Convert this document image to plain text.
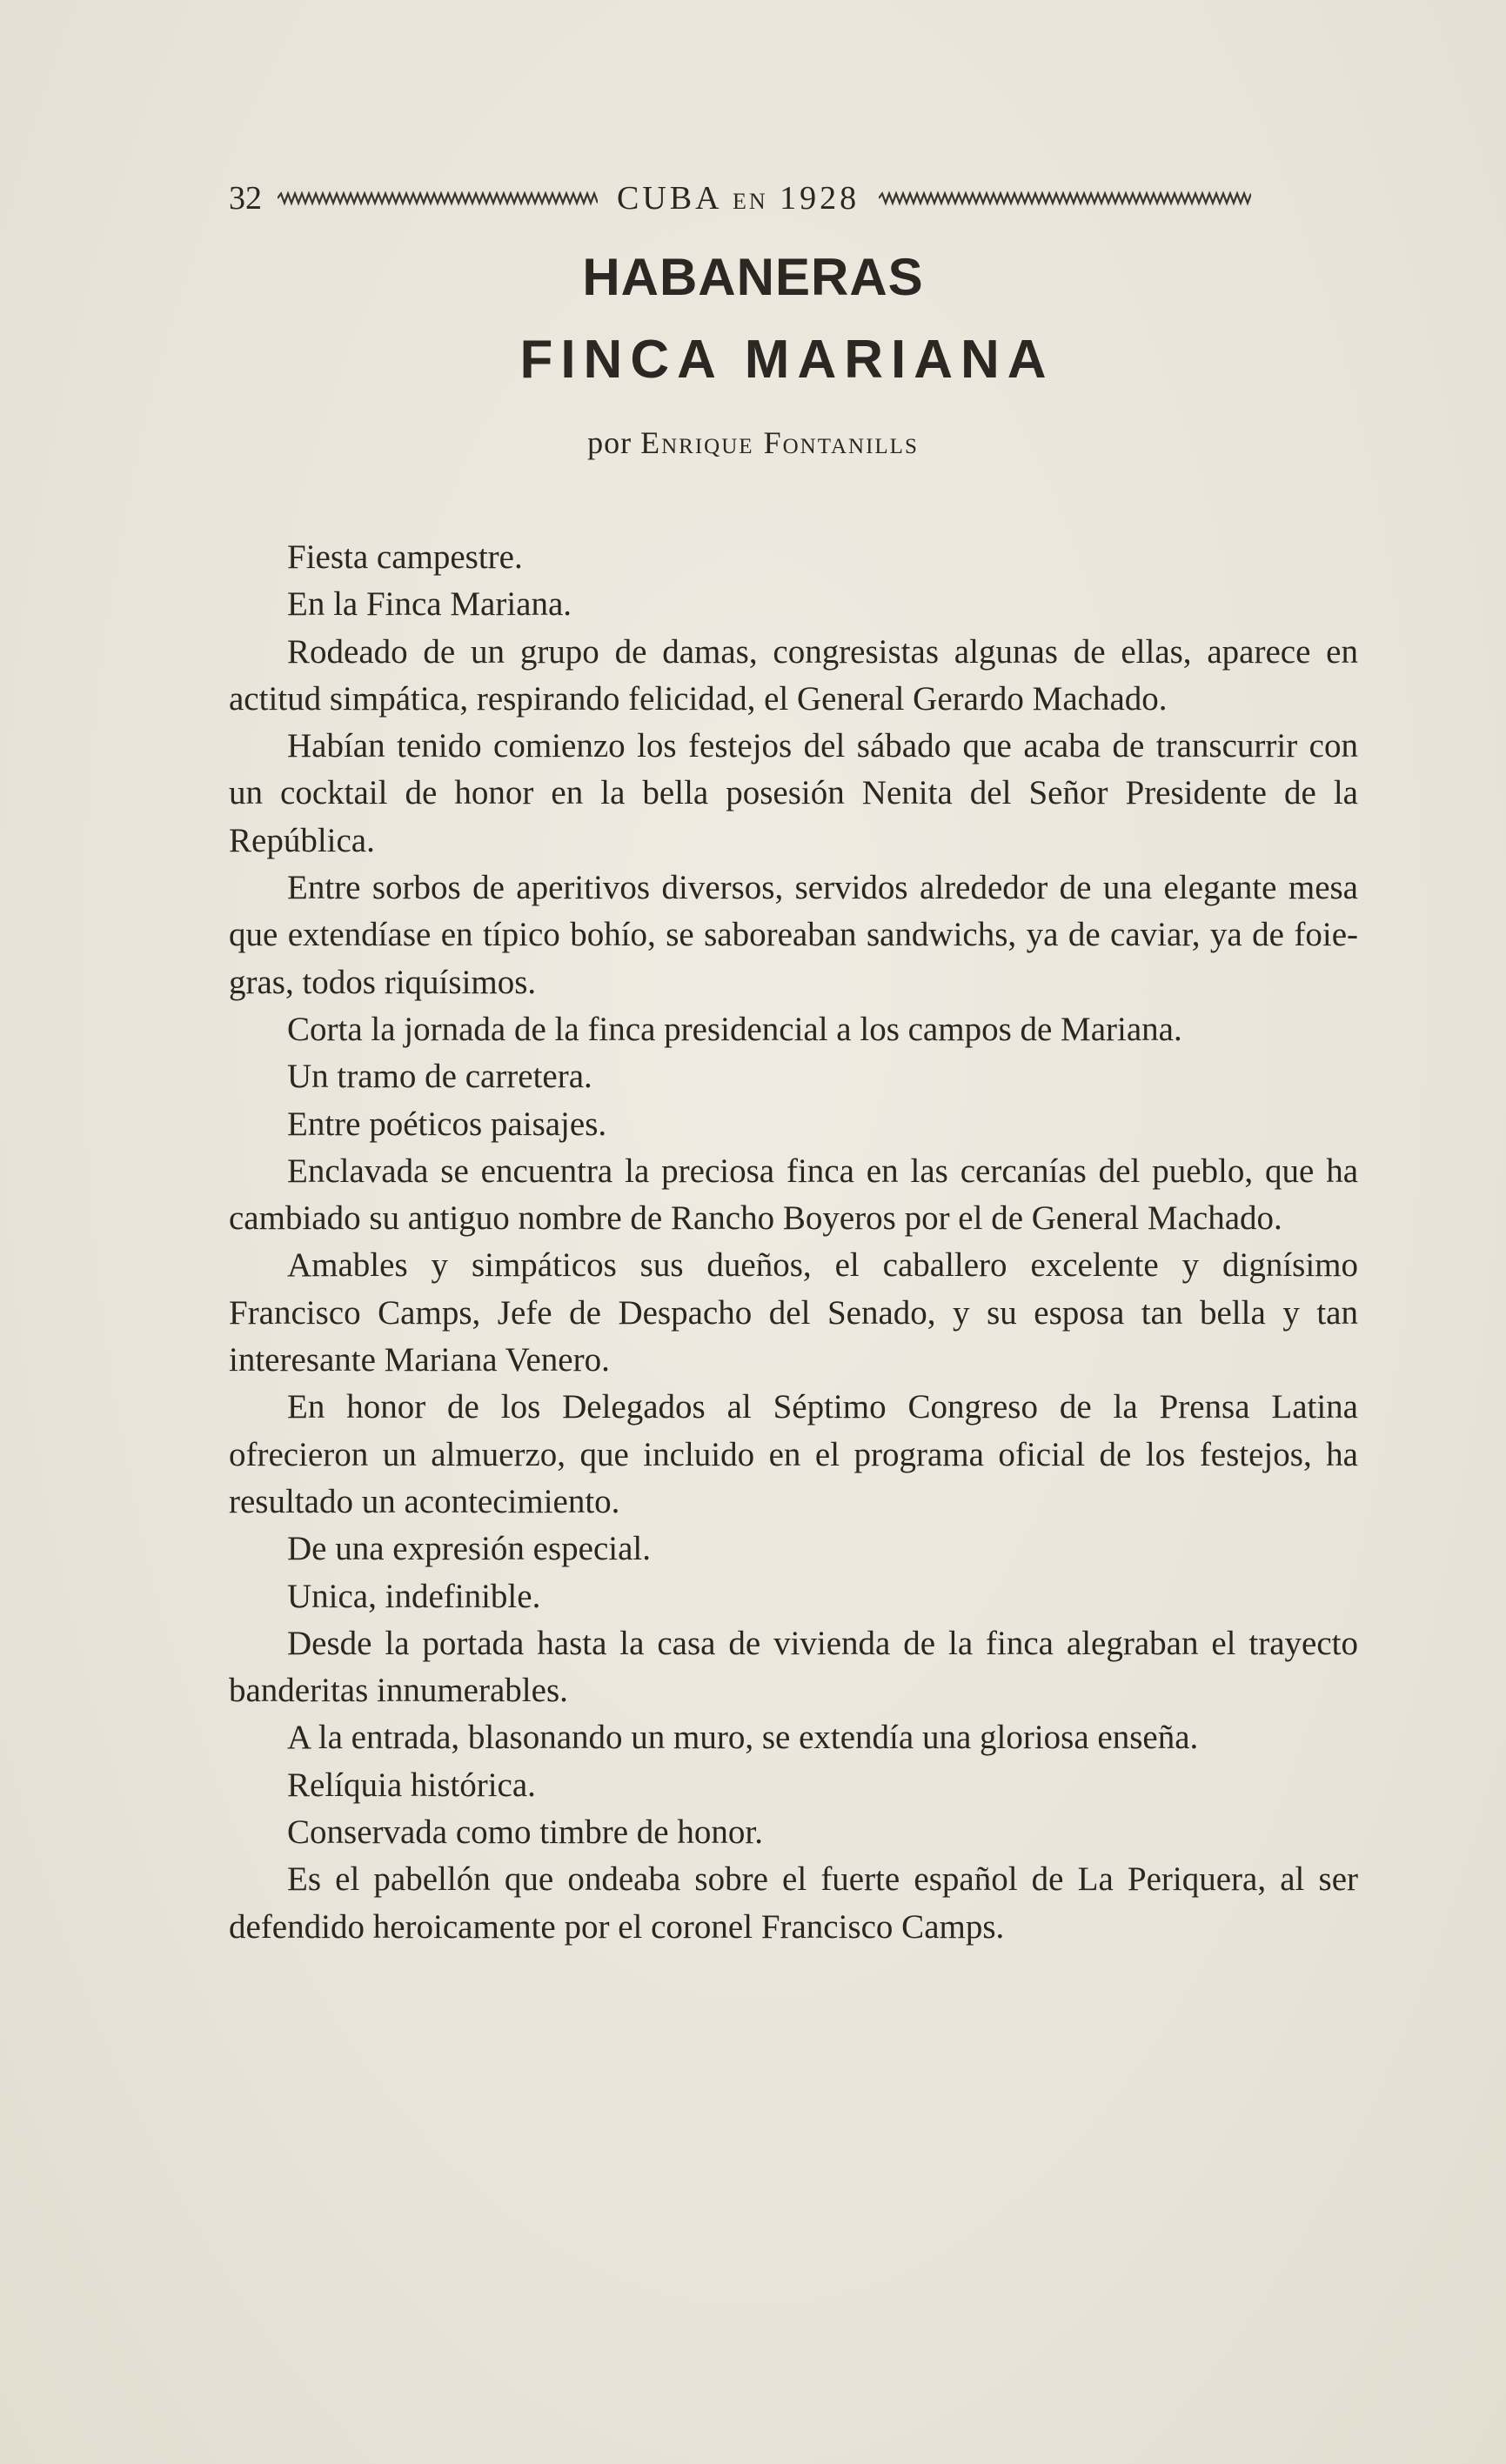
32	CUBA EN 1928
HABANERAS
FINCA MARIANA
por Enrique Fontanills

Fiesta campestre.

En la Finca Mariana.

Rodeado de un grupo de damas, congresistas algunas de ellas, aparece en actitud simpática, respirando felicidad, el General Gerardo Machado.

Habían tenido comienzo los festejos del sábado que acaba de transcurrir con un cocktail de honor en la bella posesión Nenita del Señor Presidente de la República.

Entre sorbos de aperitivos diversos, servidos alrededor de una elegante mesa que extendíase en típico bohío, se saboreaban sandwichs, ya de caviar, ya de foie-gras, todos riquísimos.

Corta la jornada de la finca presidencial a los campos de Mariana.

Un tramo de carretera.

Entre poéticos paisajes.

Enclavada se encuentra la preciosa finca en las cercanías del pueblo, que ha cambiado su antiguo nombre de Rancho Boyeros por el de General Machado.

Amables y simpáticos sus dueños, el caballero excelente y dignísimo Francisco Camps, Jefe de Despacho del Senado, y su esposa tan bella y tan interesante Mariana Venero.

En honor de los Delegados al Séptimo Congreso de la Prensa Latina ofrecieron un almuerzo, que incluido en el programa oficial de los festejos, ha resultado un acontecimiento.

De una expresión especial.

Unica, indefinible.

Desde la portada hasta la casa de vivienda de la finca alegraban el trayecto banderitas innumerables.

A la entrada, blasonando un muro, se extendía una gloriosa enseña.

Relíquia histórica.

Conservada como timbre de honor.

Es el pabellón que ondeaba sobre el fuerte español de La Periquera, al ser defendido heroicamente por el coronel Francisco Camps.
